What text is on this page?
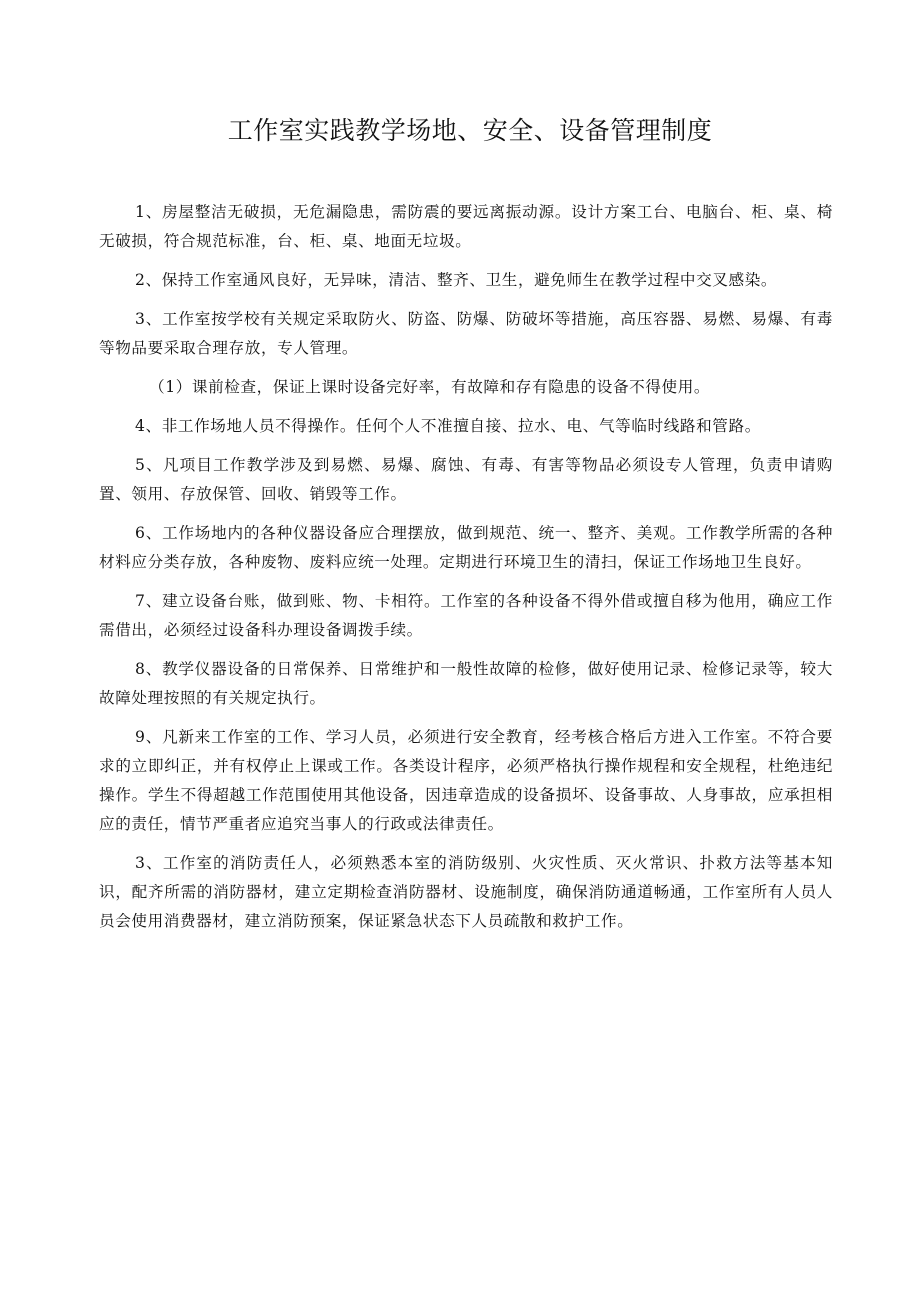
工作室实践教学场地、安全、设备管理制度

1、房屋整洁无破损，无危漏隐患，需防震的要远离振动源。设计方案工台、电脑台、柜、桌、椅无破损，符合规范标准，台、柜、桌、地面无垃圾。

2、保持工作室通风良好，无异味，清洁、整齐、卫生，避免师生在教学过程中交叉感染。

3、工作室按学校有关规定采取防火、防盗、防爆、防破坏等措施，高压容器、易燃、易爆、有毒等物品要采取合理存放，专人管理。

（1）课前检查，保证上课时设备完好率，有故障和存有隐患的设备不得使用。

4、非工作场地人员不得操作。任何个人不准擅自接、拉水、电、气等临时线路和管路。

5、凡项目工作教学涉及到易燃、易爆、腐蚀、有毒、有害等物品必须设专人管理，负责申请购置、领用、存放保管、回收、销毁等工作。

6、工作场地内的各种仪器设备应合理摆放，做到规范、统一、整齐、美观。工作教学所需的各种材料应分类存放，各种废物、废料应统一处理。定期进行环境卫生的清扫，保证工作场地卫生良好。

7、建立设备台账，做到账、物、卡相符。工作室的各种设备不得外借或擅自移为他用，确应工作需借出，必须经过设备科办理设备调拨手续。

8、教学仪器设备的日常保养、日常维护和一般性故障的检修，做好使用记录、检修记录等，较大故障处理按照的有关规定执行。

9、凡新来工作室的工作、学习人员，必须进行安全教育，经考核合格后方进入工作室。不符合要求的立即纠正，并有权停止上课或工作。各类设计程序，必须严格执行操作规程和安全规程，杜绝违纪操作。学生不得超越工作范围使用其他设备，因违章造成的设备损坏、设备事故、人身事故，应承担相应的责任，情节严重者应追究当事人的行政或法律责任。

3、工作室的消防责任人，必须熟悉本室的消防级别、火灾性质、灭火常识、扑救方法等基本知识，配齐所需的消防器材，建立定期检查消防器材、设施制度，确保消防通道畅通，工作室所有人员人员会使用消费器材，建立消防预案，保证紧急状态下人员疏散和救护工作。
